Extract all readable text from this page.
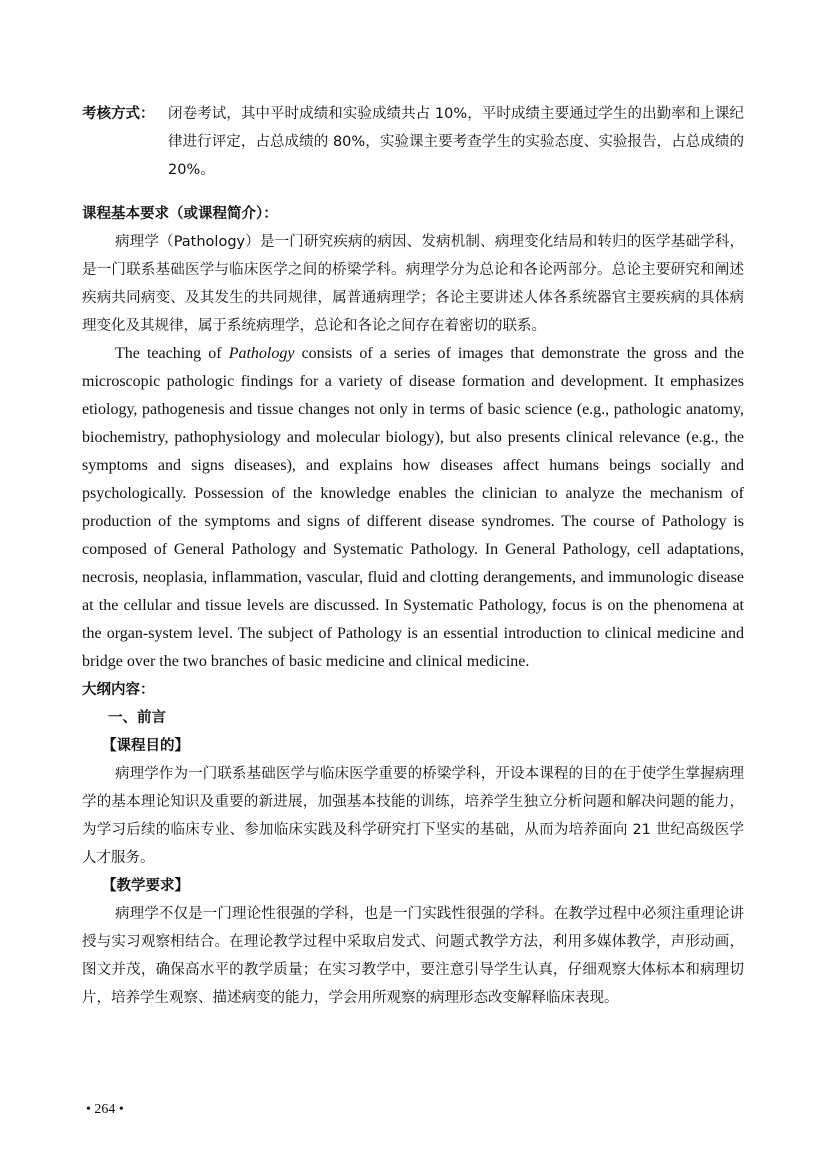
考核方式： 闭卷考试，其中平时成绩和实验成绩共占 10%，平时成绩主要通过学生的出勤率和上课纪律进行评定，占总成绩的 80%，实验课主要考查学生的实验态度、实验报告，占总成绩的 20%。

课程基本要求（或课程简介）：

病理学（Pathology）是一门研究疾病的病因、发病机制、病理变化结局和转归的医学基础学科，是一门联系基础医学与临床医学之间的桥梁学科。病理学分为总论和各论两部分。总论主要研究和阐述疾病共同病变、及其发生的共同规律，属普通病理学；各论主要讲述人体各系统器官主要疾病的具体病理变化及其规律，属于系统病理学，总论和各论之间存在着密切的联系。

The teaching of Pathology consists of a series of images that demonstrate the gross and the microscopic pathologic findings for a variety of disease formation and development. It emphasizes etiology, pathogenesis and tissue changes not only in terms of basic science (e.g., pathologic anatomy, biochemistry, pathophysiology and molecular biology), but also presents clinical relevance (e.g., the symptoms and signs diseases), and explains how diseases affect humans beings socially and psychologically. Possession of the knowledge enables the clinician to analyze the mechanism of production of the symptoms and signs of different disease syndromes. The course of Pathology is composed of General Pathology and Systematic Pathology. In General Pathology, cell adaptations, necrosis, neoplasia, inflammation, vascular, fluid and clotting derangements, and immunologic disease at the cellular and tissue levels are discussed. In Systematic Pathology, focus is on the phenomena at the organ-system level. The subject of Pathology is an essential introduction to clinical medicine and bridge over the two branches of basic medicine and clinical medicine.

大纲内容：

一、前言

【课程目的】

病理学作为一门联系基础医学与临床医学重要的桥梁学科，开设本课程的目的在于使学生掌握病理学的基本理论知识及重要的新进展，加强基本技能的训练，培养学生独立分析问题和解决问题的能力，为学习后续的临床专业、参加临床实践及科学研究打下坚实的基础，从而为培养面向 21 世纪高级医学人才服务。

【教学要求】

病理学不仅是一门理论性很强的学科，也是一门实践性很强的学科。在教学过程中必须注重理论讲授与实习观察相结合。在理论教学过程中采取启发式、问题式教学方法，利用多媒体教学，声形动画，图文并茂，确保高水平的教学质量；在实习教学中，要注意引导学生认真，仔细观察大体标本和病理切片，培养学生观察、描述病变的能力，学会用所观察的病理形态改变解释临床表现。

• 264 •
